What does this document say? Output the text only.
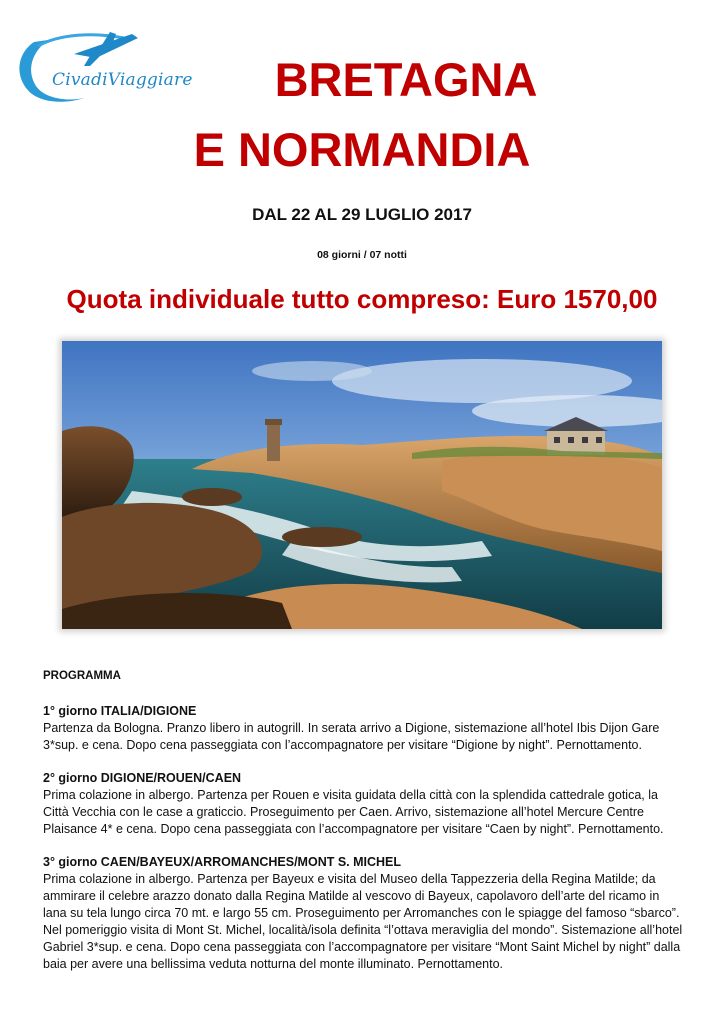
CivadiViaggiare	BRETAGNA
E NORMANDIA
DAL 22 AL 29 LUGLIO 2017
08 giorni / 07 notti
Quota individuale tutto compreso: Euro 1570,00
PROGRAMMA
1° giorno ITALIA/DIGIONE

Partenza da Bologna. Pranzo libero in autogrill. In serata arrivo a Digione, sistemazione all’hotel Ibis Dijon Gare 3*sup. e cena. Dopo cena passeggiata con l’accompagnatore per visitare “Digione by night”. Pernottamento.

2° giorno DIGIONE/ROUEN/CAEN

Prima colazione in albergo. Partenza per Rouen e visita guidata della città con la splendida cattedrale gotica, la Città Vecchia con le case a graticcio. Proseguimento per Caen. Arrivo, sistemazione all’hotel Mercure Centre Plaisance 4* e cena. Dopo cena passeggiata con l’accompagnatore per visitare “Caen by night”. Pernottamento.

3° giorno CAEN/BAYEUX/ARROMANCHES/MONT S. MICHEL

Prima colazione in albergo. Partenza per Bayeux e visita del Museo della Tappezzeria della Regina Matilde; da ammirare il celebre arazzo donato dalla Regina Matilde al vescovo di Bayeux, capolavoro dell’arte del ricamo in lana su tela lungo circa 70 mt. e largo 55 cm. Proseguimento per Arromanches con le spiagge del famoso “sbarco”. Nel pomeriggio visita di Mont St. Michel, località/isola definita “l’ottava meraviglia del mondo”. Sistemazione all’hotel Gabriel 3*sup. e cena. Dopo cena passeggiata con l’accompagnatore per visitare “Mont Saint Michel by night” dalla baia per avere una bellissima veduta notturna del monte illuminato. Pernottamento.
